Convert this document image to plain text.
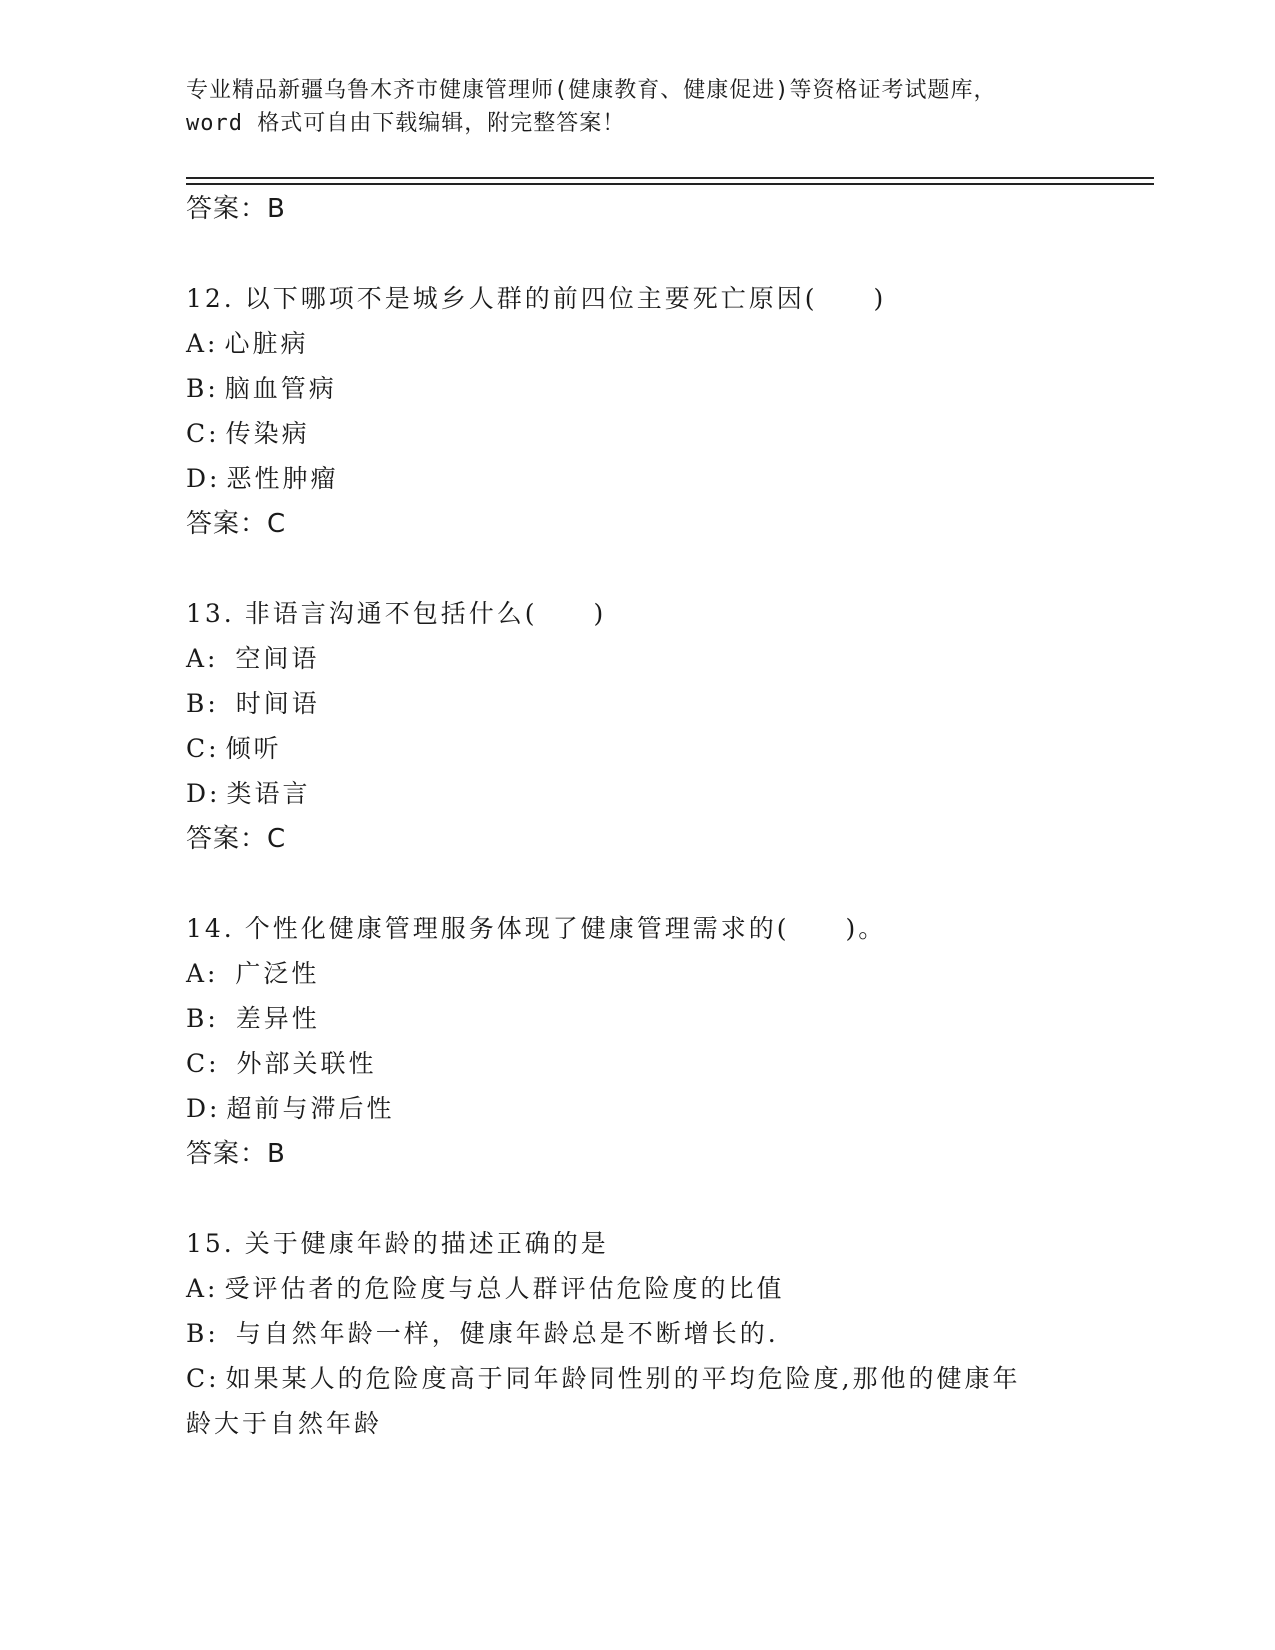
专业精品新疆乌鲁木齐市健康管理师(健康教育、健康促进)等资格证考试题库，
word 格式可自由下载编辑，附完整答案！
答案：B
12. 以下哪项不是城乡人群的前四位主要死亡原因(　　)
A: 心脏病
B: 脑血管病
C: 传染病
D: 恶性肿瘤
答案：C
13. 非语言沟通不包括什么(　　)
A: 空间语
B: 时间语
C: 倾听
D: 类语言
答案：C
14. 个性化健康管理服务体现了健康管理需求的(　　)。
A: 广泛性
B: 差异性
C: 外部关联性
D: 超前与滞后性
答案：B
15. 关于健康年龄的描述正确的是
A: 受评估者的危险度与总人群评估危险度的比值
B: 与自然年龄一样，健康年龄总是不断增长的.
C: 如果某人的危险度高于同年龄同性别的平均危险度,那他的健康年
龄大于自然年龄
